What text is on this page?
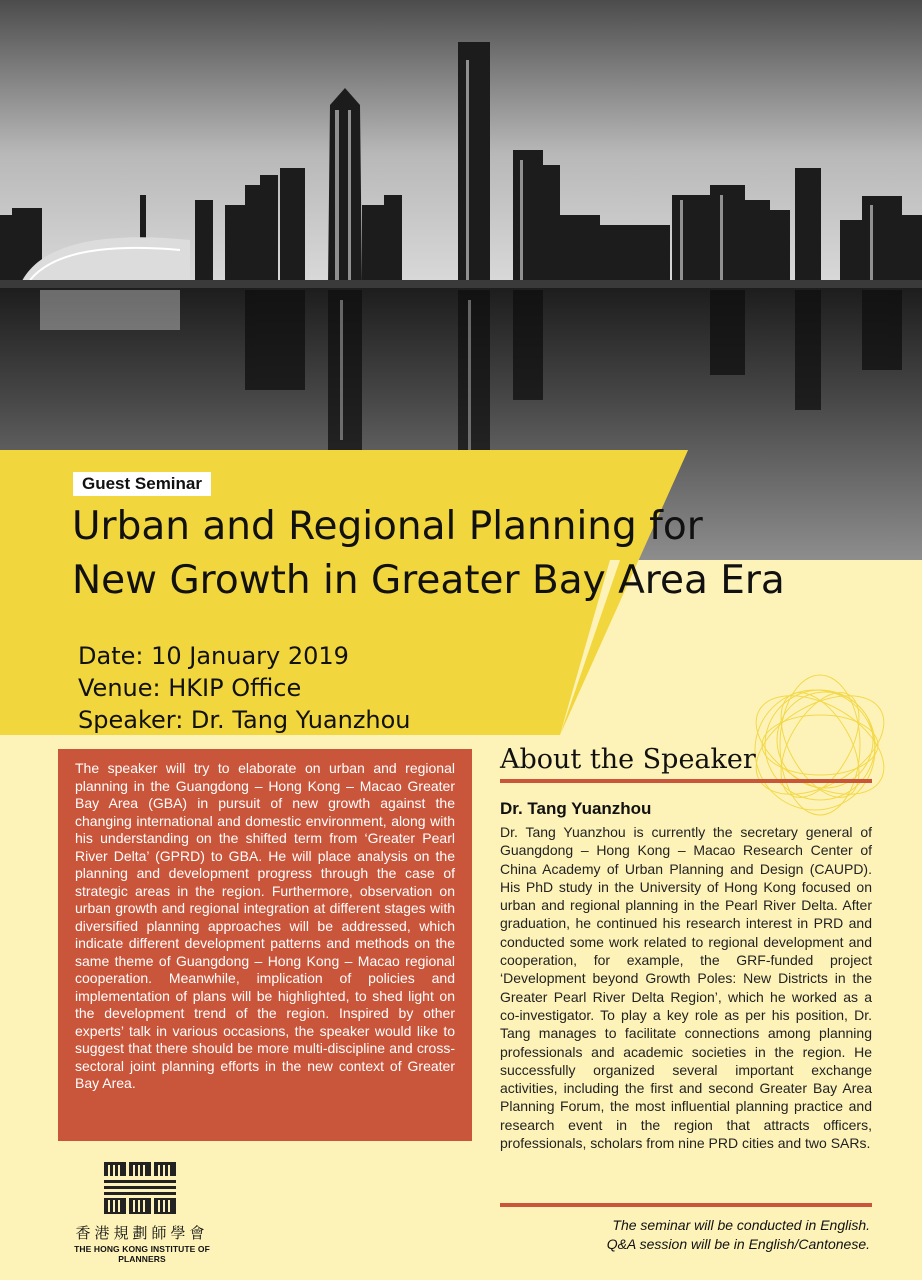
Guest Seminar
Urban and Regional Planning for
New Growth in Greater Bay Area Era
Date: 10 January 2019
Venue: HKIP Office
Speaker: Dr. Tang Yuanzhou
The speaker will try to elaborate on urban and regional planning in the Guangdong – Hong Kong – Macao Greater Bay Area (GBA) in pursuit of new growth against the changing international and domestic environment, along with his understanding on the shifted term from ‘Greater Pearl River Delta’ (GPRD) to GBA. He will place analysis on the planning and development progress through the case of strategic areas in the region. Furthermore, observation on urban growth and regional integration at different stages with diversified planning approaches will be addressed, which indicate different development patterns and methods on the same theme of Guangdong – Hong Kong – Macao regional cooperation. Meanwhile, implication of policies and implementation of plans will be highlighted, to shed light on the development trend of the region. Inspired by other experts’ talk in various occasions, the speaker would like to suggest that there should be more multi-discipline and cross-sectoral joint planning efforts in the new context of Greater Bay Area.
About the Speaker
Dr. Tang Yuanzhou
Dr. Tang Yuanzhou is currently the secretary general of Guangdong – Hong Kong – Macao Research Center of China Academy of Urban Planning and Design (CAUPD). His PhD study in the University of Hong Kong focused on urban and regional planning in the Pearl River Delta. After graduation, he continued his research interest in PRD and conducted some work related to regional development and cooperation, for example, the GRF-funded project ‘Development beyond Growth Poles: New Districts in the Greater Pearl River Delta Region’, which he worked as a co-investigator. To play a key role as per his position, Dr. Tang manages to facilitate connections among planning professionals and academic societies in the region. He successfully organized several important exchange activities, including the first and second Greater Bay Area Planning Forum, the most influential planning practice and research event in the region that attracts officers, professionals, scholars from nine PRD cities and two SARs.
The seminar will be conducted in English.
Q&A session will be in English/Cantonese.
香港規劃師學會
THE HONG KONG INSTITUTE OF PLANNERS
